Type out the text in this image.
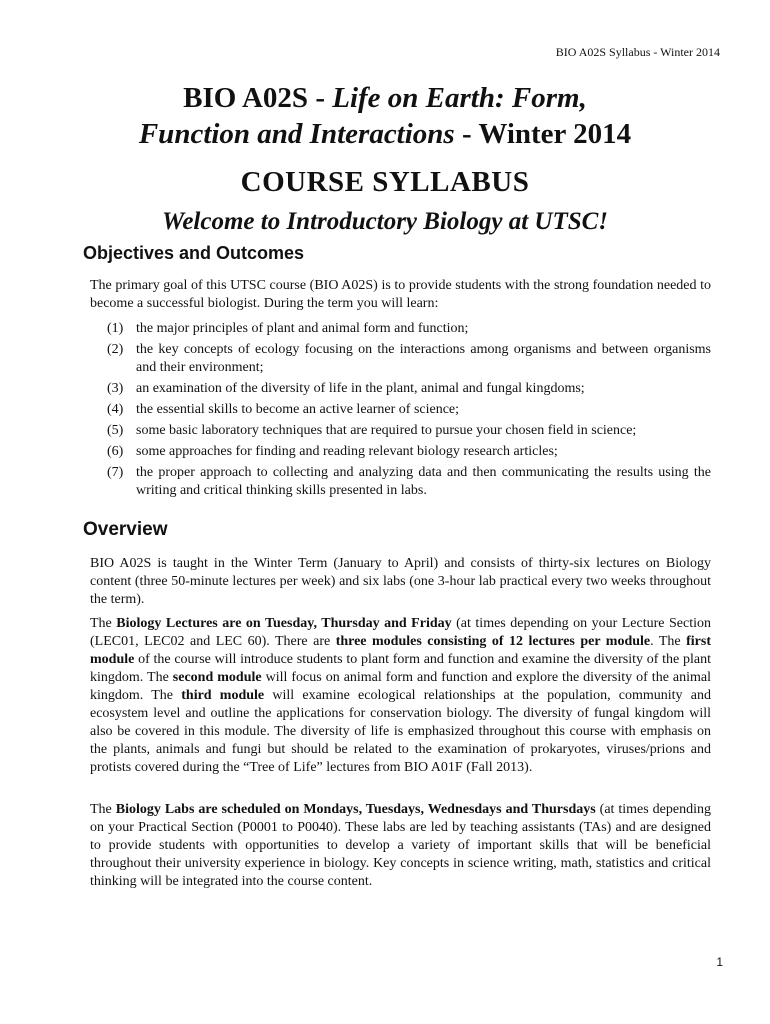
BIO A02S Syllabus - Winter 2014

BIO A02S - Life on Earth: Form,

Function and Interactions - Winter 2014

COURSE SYLLABUS

Welcome to Introductory Biology at UTSC!

Objectives and Outcomes

The primary goal of this UTSC course (BIO A02S) is to provide students with the strong foundation needed to become a successful biologist. During the term you will learn:

(1) the major principles of plant and animal form and function;
(2) the key concepts of ecology focusing on the interactions among organisms and between organisms and their environment;
(3) an examination of the diversity of life in the plant, animal and fungal kingdoms;
(4) the essential skills to become an active learner of science;
(5) some basic laboratory techniques that are required to pursue your chosen field in science;
(6) some approaches for finding and reading relevant biology research articles;
(7) the proper approach to collecting and analyzing data and then communicating the results using the writing and critical thinking skills presented in labs.
Overview

BIO A02S is taught in the Winter Term (January to April) and consists of thirty-six lectures on Biology content (three 50-minute lectures per week) and six labs (one 3-hour lab practical every two weeks throughout the term).

The Biology Lectures are on Tuesday, Thursday and Friday (at times depending on your Lecture Section (LEC01, LEC02 and LEC 60). There are three modules consisting of 12 lectures per module. The first module of the course will introduce students to plant form and function and examine the diversity of the plant kingdom. The second module will focus on animal form and function and explore the diversity of the animal kingdom. The third module will examine ecological relationships at the population, community and ecosystem level and outline the applications for conservation biology. The diversity of fungal kingdom will also be covered in this module. The diversity of life is emphasized throughout this course with emphasis on the plants, animals and fungi but should be related to the examination of prokaryotes, viruses/prions and protists covered during the “Tree of Life” lectures from BIO A01F (Fall 2013).

The Biology Labs are scheduled on Mondays, Tuesdays, Wednesdays and Thursdays (at times depending on your Practical Section (P0001 to P0040). These labs are led by teaching assistants (TAs) and are designed to provide students with opportunities to develop a variety of important skills that will be beneficial throughout their university experience in biology. Key concepts in science writing, math, statistics and critical thinking will be integrated into the course content.

1
